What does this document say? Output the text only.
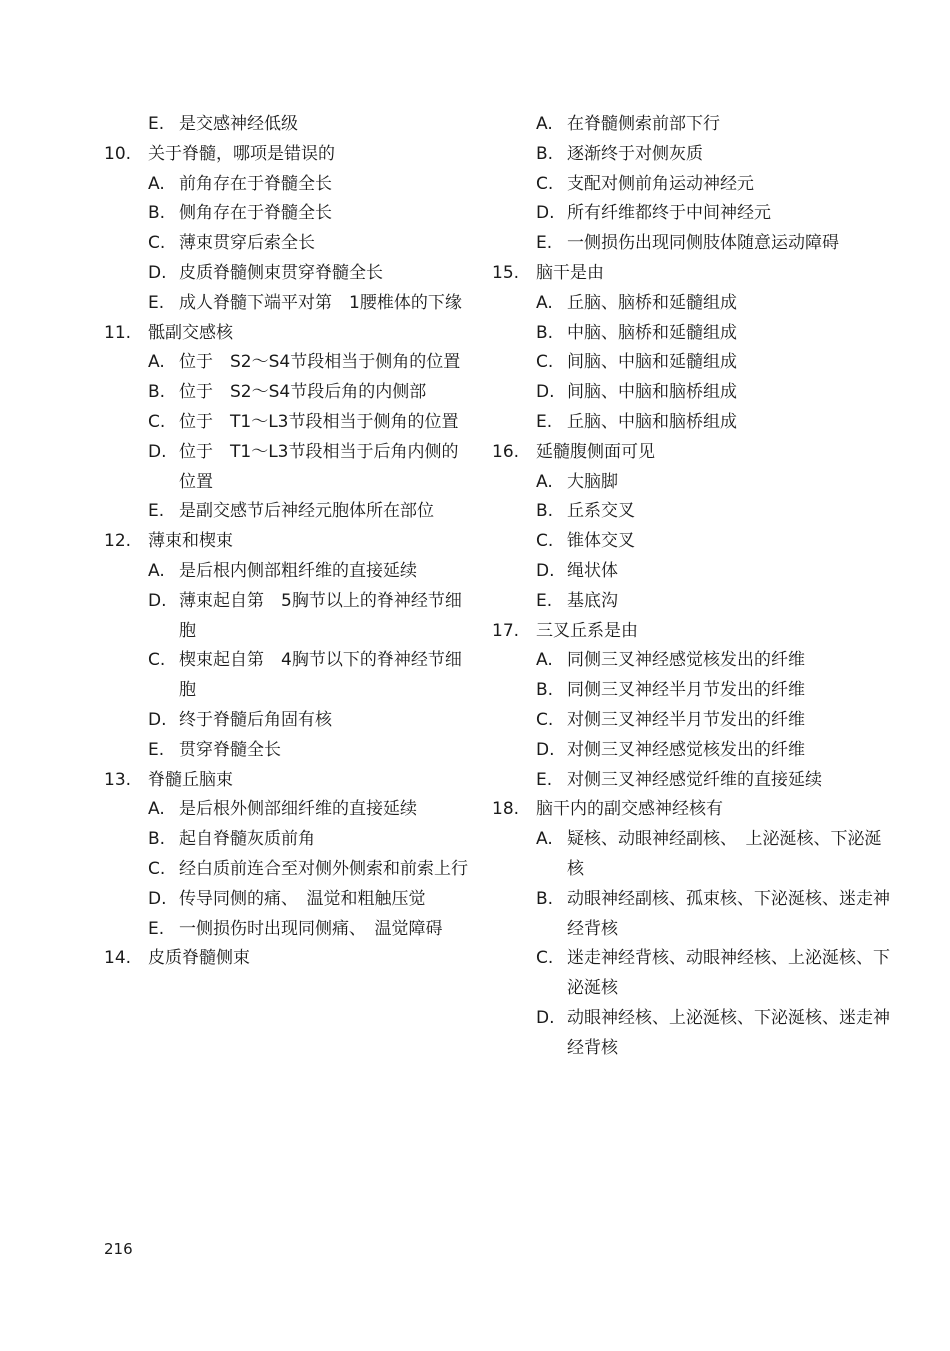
E. 是交感神经低级
10. 关于脊髓，哪项是错误的
A. 前角存在于脊髓全长
B. 侧角存在于脊髓全长
C. 薄束贯穿后索全长
D. 皮质脊髓侧束贯穿脊髓全长
E. 成人脊髓下端平对第　1腰椎体的下缘
11. 骶副交感核
A. 位于　S2～S4节段相当于侧角的位置
B. 位于　S2～S4节段后角的内侧部
C. 位于　T1～L3节段相当于侧角的位置
D. 位于　T1～L3节段相当于后角内侧的位置
E. 是副交感节后神经元胞体所在部位
12. 薄束和楔束
A. 是后根内侧部粗纤维的直接延续
D. 薄束起自第　5胸节以上的脊神经节细胞
C. 楔束起自第　4胸节以下的脊神经节细胞
D. 终于脊髓后角固有核
E. 贯穿脊髓全长
13. 脊髓丘脑束
A. 是后根外侧部细纤维的直接延续
B. 起自脊髓灰质前角
C. 经白质前连合至对侧外侧索和前索上行
D. 传导同侧的痛、　温觉和粗触压觉
E. 一侧损伤时出现同侧痛、　温觉障碍
14. 皮质脊髓侧束
A. 在脊髓侧索前部下行
B. 逐渐终于对侧灰质
C. 支配对侧前角运动神经元
D. 所有纤维都终于中间神经元
E. 一侧损伤出现同侧肢体随意运动障碍
15. 脑干是由
A. 丘脑、脑桥和延髓组成
B. 中脑、脑桥和延髓组成
C. 间脑、中脑和延髓组成
D. 间脑、中脑和脑桥组成
E. 丘脑、中脑和脑桥组成
16. 延髓腹侧面可见
A. 大脑脚
B. 丘系交叉
C. 锥体交叉
D. 绳状体
E. 基底沟
17. 三叉丘系是由
A. 同侧三叉神经感觉核发出的纤维
B. 同侧三叉神经半月节发出的纤维
C. 对侧三叉神经半月节发出的纤维
D. 对侧三叉神经感觉核发出的纤维
E. 对侧三叉神经感觉纤维的直接延续
18. 脑干内的副交感神经核有
A. 疑核、动眼神经副核、　上泌涎核、下泌涎核
B. 动眼神经副核、孤束核、下泌涎核、迷走神经背核
C. 迷走神经背核、动眼神经核、上泌涎核、下泌涎核
D. 动眼神经核、上泌涎核、下泌涎核、迷走神经背核
216
